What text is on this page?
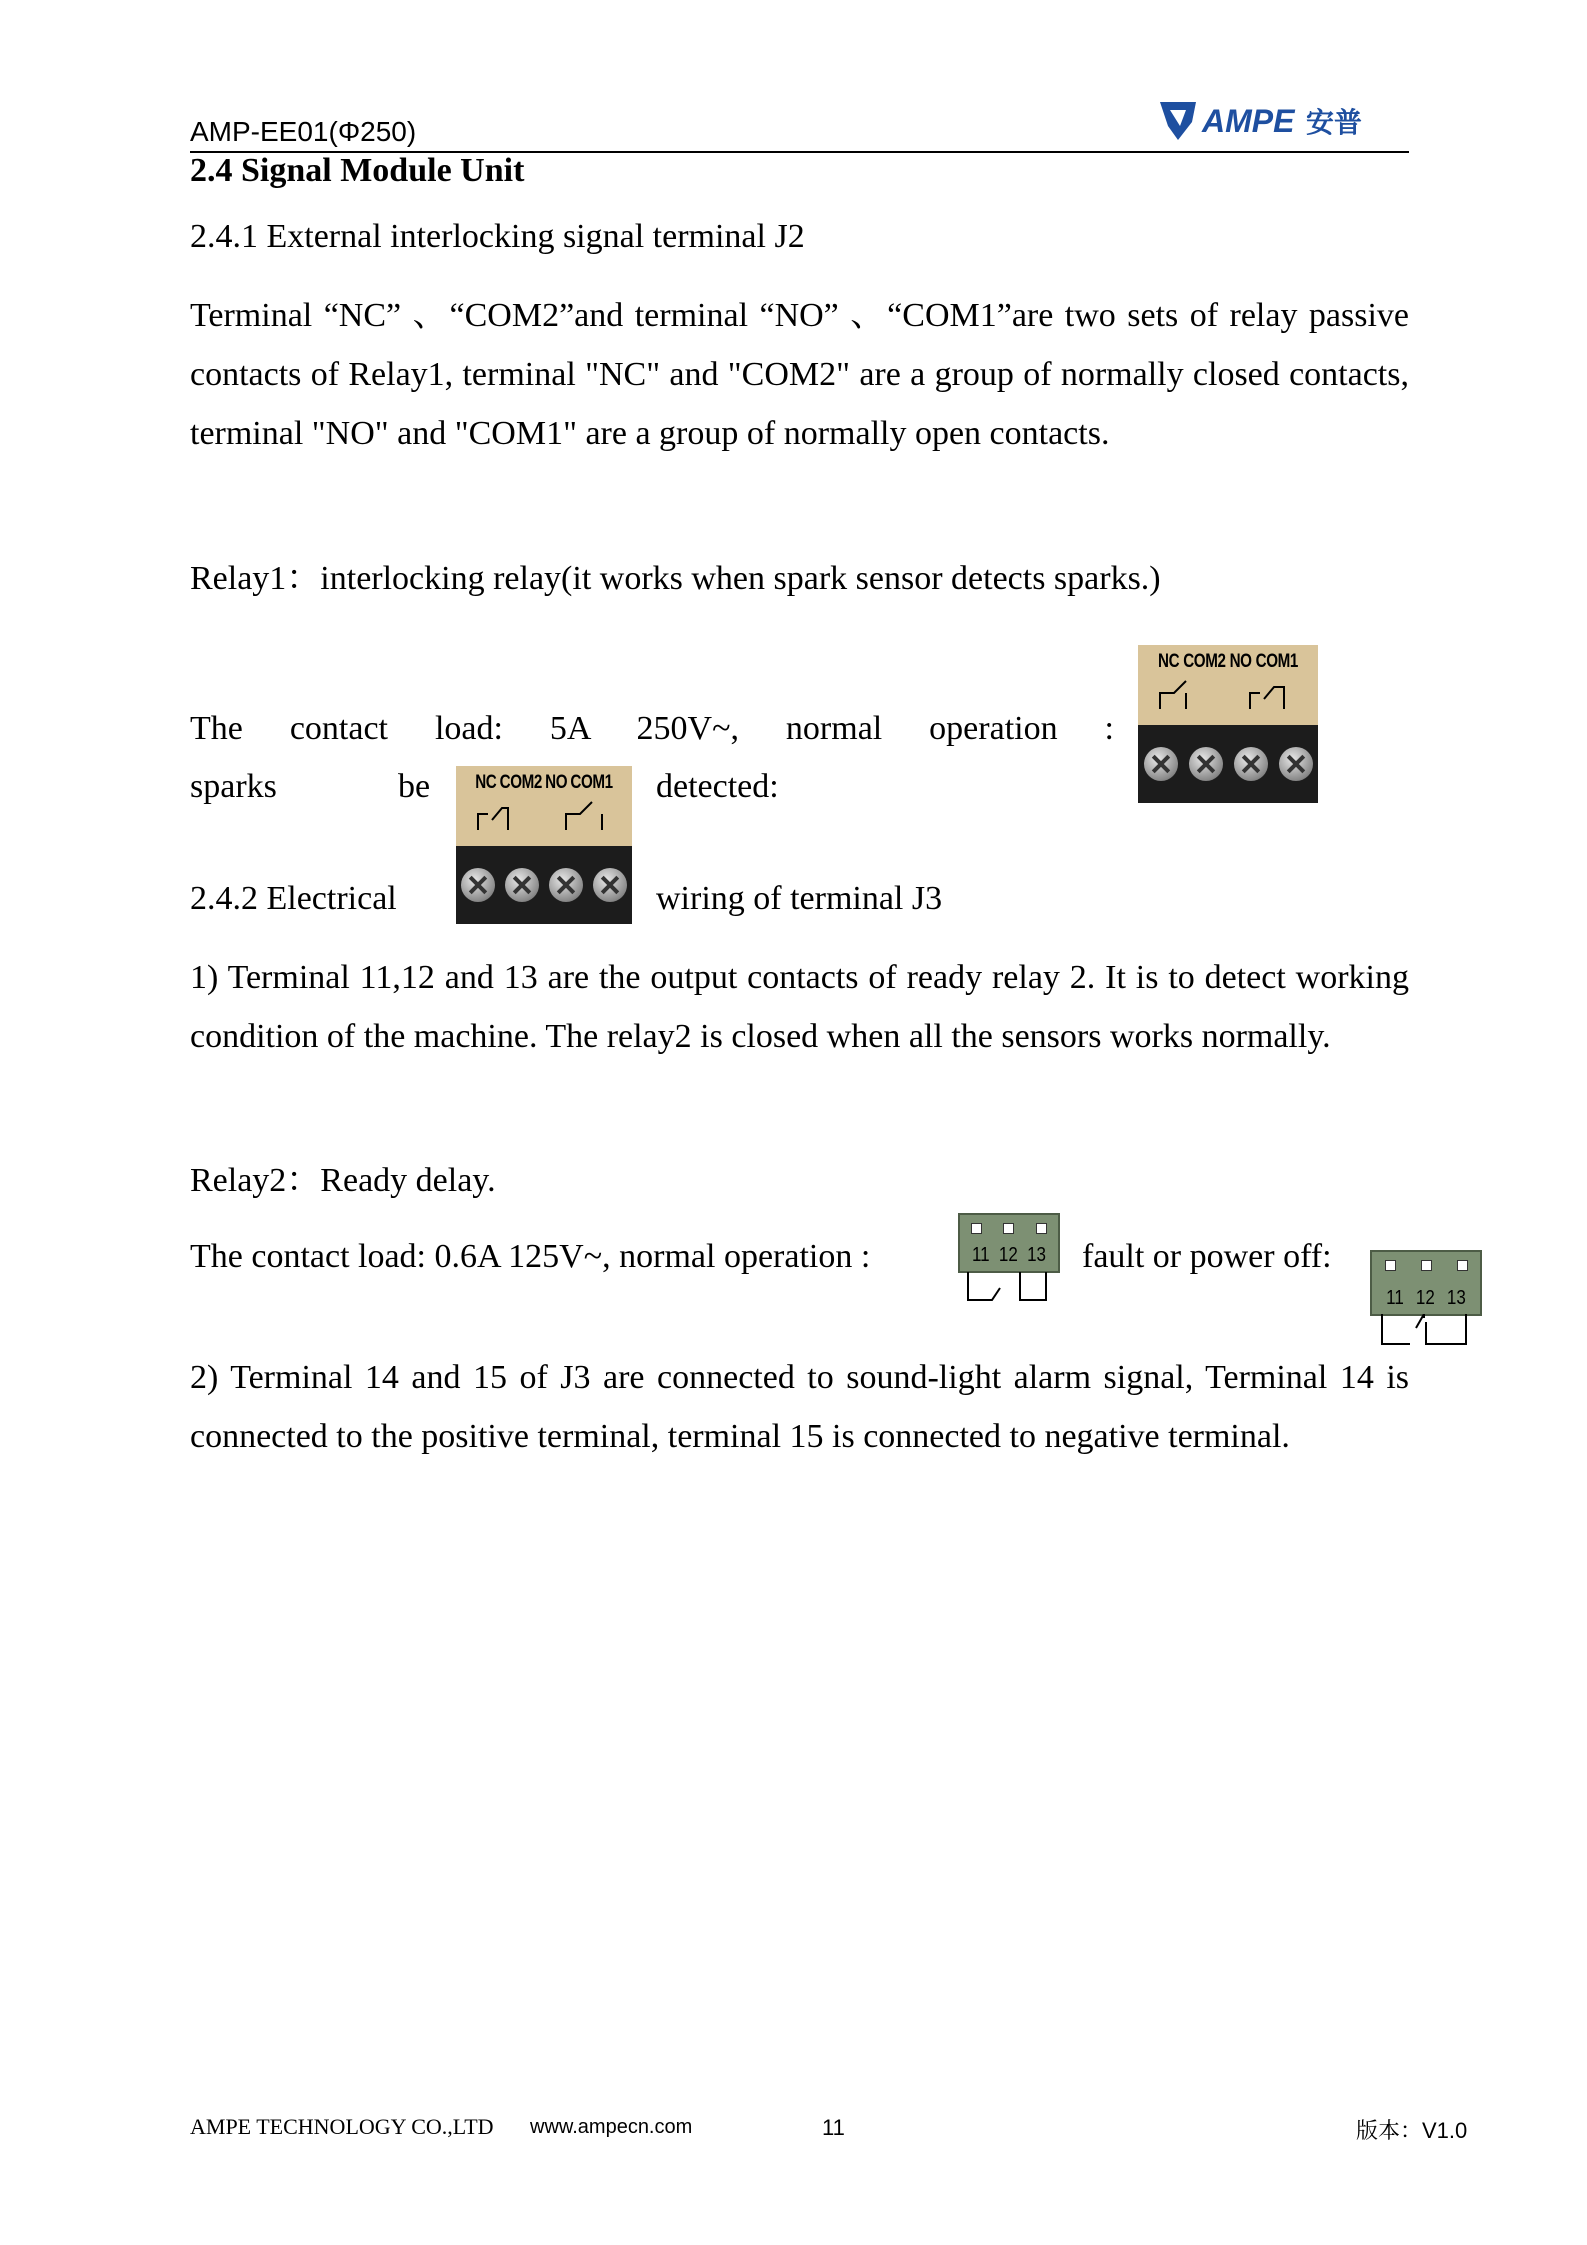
AMP-EE01(Φ250)	AMPE 安普
2.4 Signal Module Unit
2.4.1 External interlocking signal terminal J2
Terminal “NC” 、“COM2”and terminal “NO” 、“COM1”are two sets of relay passive contacts of Relay1, terminal "NC" and "COM2" are a group of normally closed contacts, terminal "NO" and "COM1" are a group of normally open contacts.
Relay1：interlocking relay(it works when spark sensor detects sparks.)
The contact load: 5A 250V~, normal operation :
sparks	be	detected:
NC COM2 NO COM1
NC COM2 NO COM1
2.4.2 Electrical	wiring of terminal J3
1) Terminal 11,12 and 13 are the output contacts of ready relay 2. It is to detect working condition of the machine. The relay2 is closed when all the sensors works normally.
Relay2：Ready delay.
The contact load: 0.6A 125V~, normal operation :	fault or power off:
11 12 13
11 12 13
2) Terminal 14 and 15 of J3 are connected to sound-light alarm signal, Terminal 14 is connected to the positive terminal, terminal 15 is connected to negative terminal.
AMPE TECHNOLOGY CO.,LTD www.ampecn.com	11	版本：V1.0
